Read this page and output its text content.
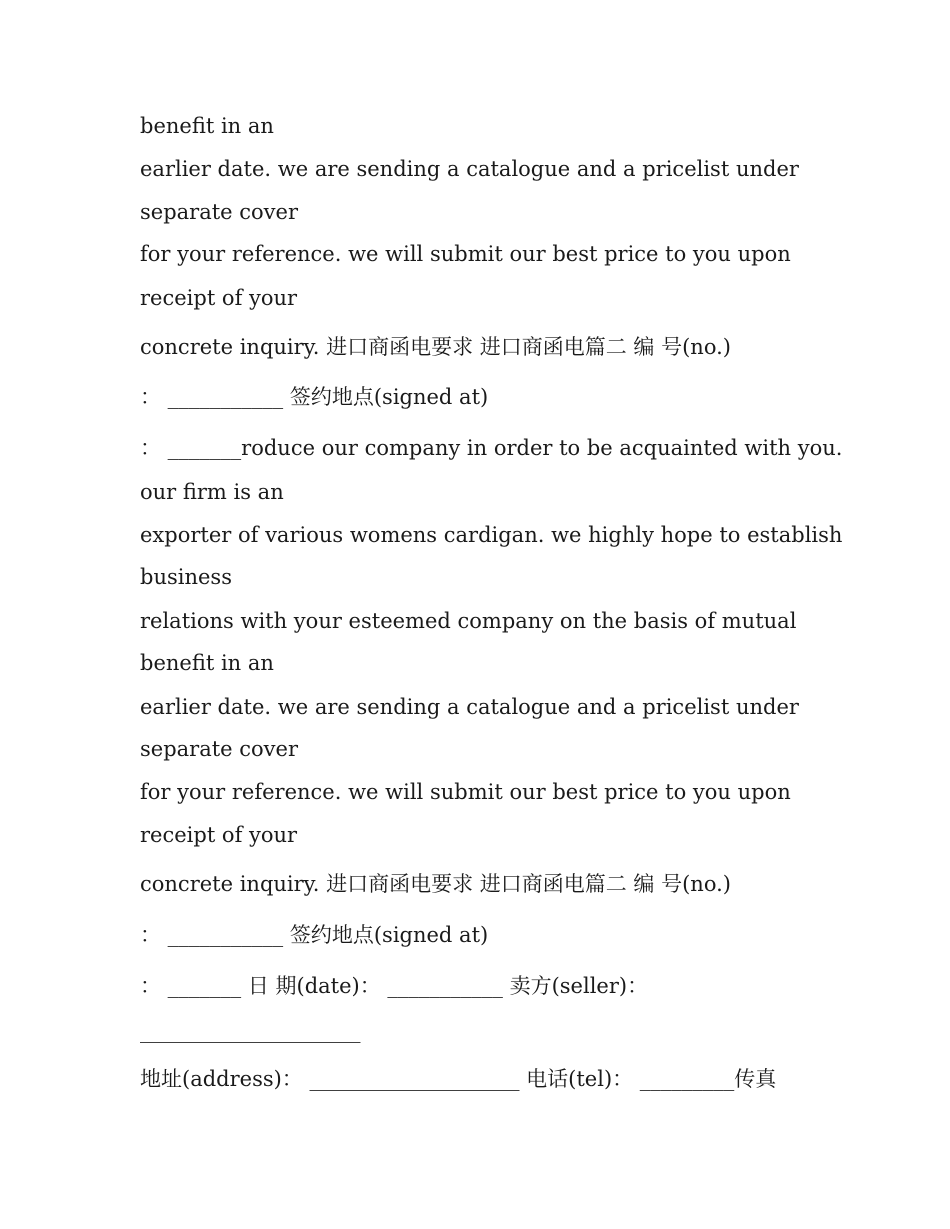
benefit in an

earlier date. we are sending a catalogue and a pricelist under

separate cover

for your reference. we will submit our best price to you upon

receipt of your

concrete inquiry. 进口商函电要求 进口商函电篇二 编 号(no.)

： ___________ 签约地点(signed at)

： _______roduce our company in order to be acquainted with you.

our firm is an

exporter of various womens cardigan. we highly hope to establish

business

relations with your esteemed company on the basis of mutual

benefit in an

earlier date. we are sending a catalogue and a pricelist under

separate cover

for your reference. we will submit our best price to you upon

receipt of your

concrete inquiry. 进口商函电要求 进口商函电篇二 编 号(no.)

： ___________ 签约地点(signed at)

： _______ 日 期(date)： ___________ 卖方(seller)：

_____________________

地址(address)： ____________________ 电话(tel)： _________传真
